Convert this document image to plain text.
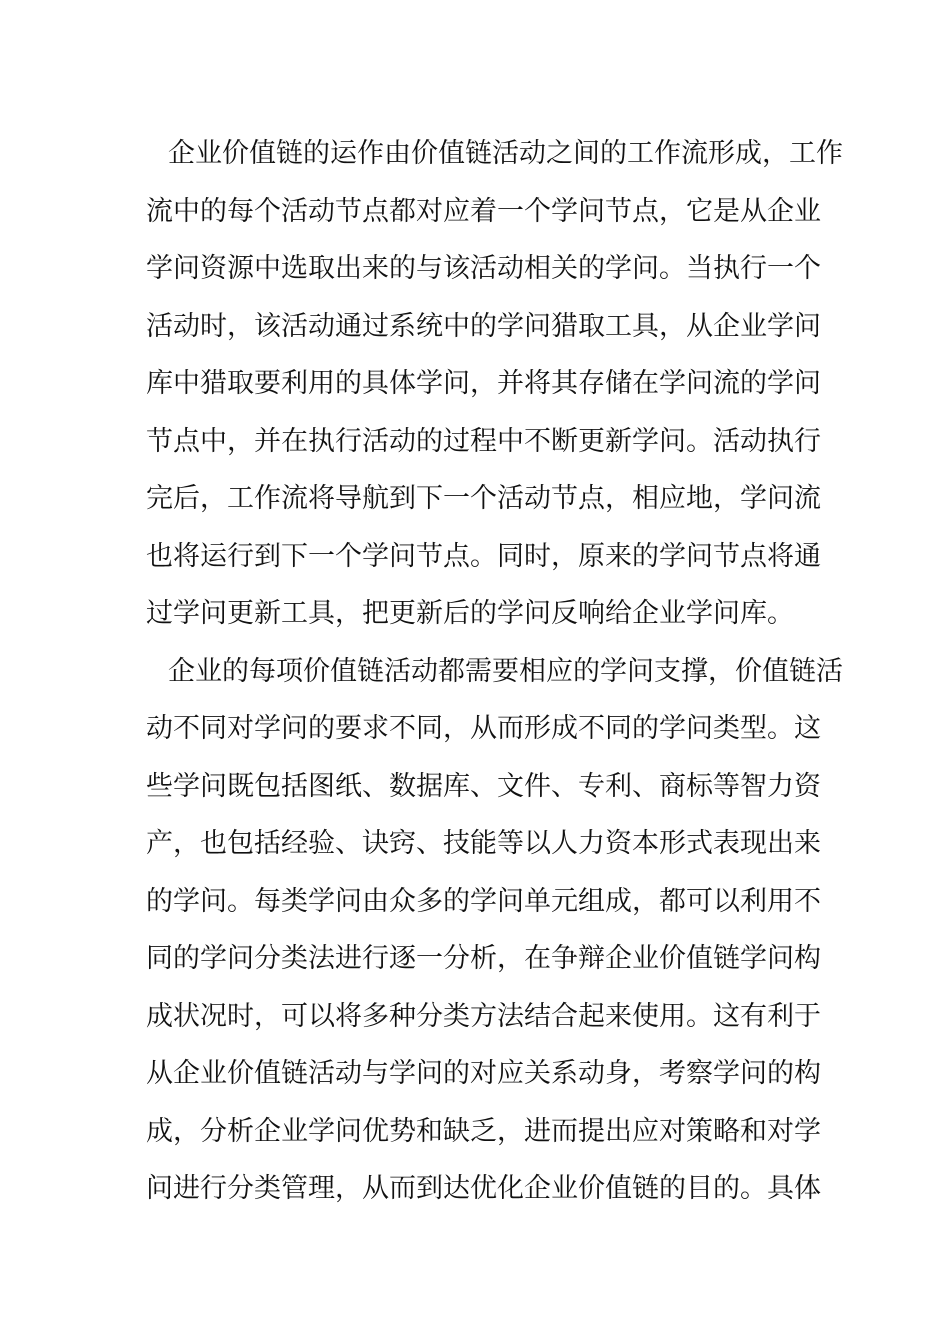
企业价值链的运作由价值链活动之间的工作流形成，工作
流中的每个活动节点都对应着一个学问节点，它是从企业
学问资源中选取出来的与该活动相关的学问。当执行一个
活动时，该活动通过系统中的学问猎取工具，从企业学问
库中猎取要利用的具体学问，并将其存储在学问流的学问
节点中，并在执行活动的过程中不断更新学问。活动执行
完后，工作流将导航到下一个活动节点，相应地，学问流
也将运行到下一个学问节点。同时，原来的学问节点将通
过学问更新工具，把更新后的学问反响给企业学问库。
企业的每项价值链活动都需要相应的学问支撑，价值链活
动不同对学问的要求不同，从而形成不同的学问类型。这
些学问既包括图纸、数据库、文件、专利、商标等智力资
产，也包括经验、诀窍、技能等以人力资本形式表现出来
的学问。每类学问由众多的学问单元组成，都可以利用不
同的学问分类法进行逐一分析，在争辩企业价值链学问构
成状况时，可以将多种分类方法结合起来使用。这有利于
从企业价值链活动与学问的对应关系动身，考察学问的构
成，分析企业学问优势和缺乏，进而提出应对策略和对学
问进行分类管理，从而到达优化企业价值链的目的。具体
